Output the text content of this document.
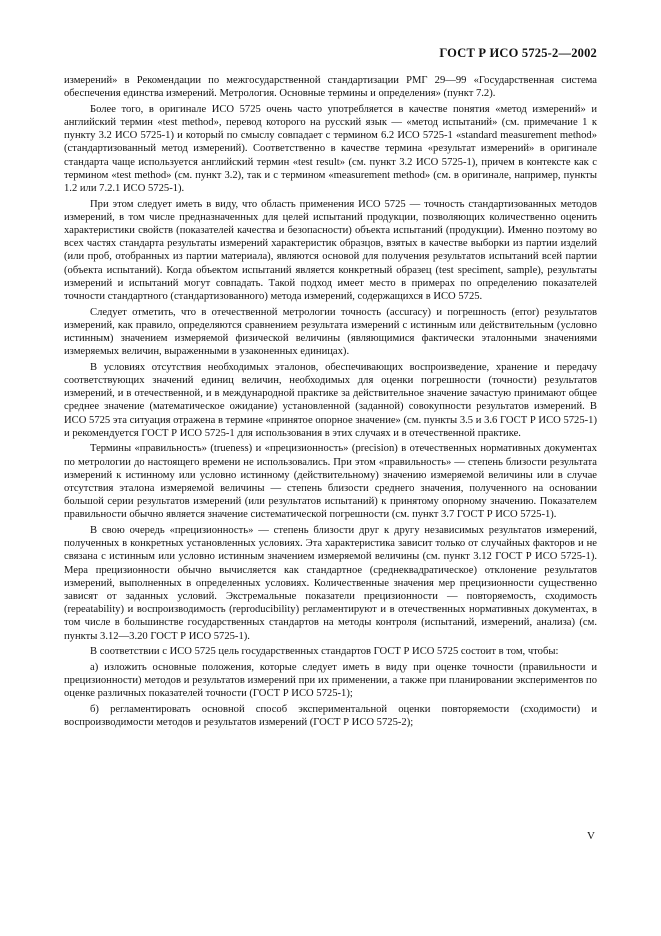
ГОСТ Р ИСО 5725-2—2002

измерений» в Рекомендации по межгосударственной стандартизации РМГ 29—99 «Государственная система обеспечения единства измерений. Метрология. Основные термины и определения» (пункт 7.2).

Более того, в оригинале ИСО 5725 очень часто употребляется в качестве понятия «метод измерений» и английский термин «test method», перевод которого на русский язык — «метод испытаний» (см. примечание 1 к пункту 3.2 ИСО 5725-1) и который по смыслу совпадает с термином 6.2 ИСО 5725-1 «standard measurement method» (стандартизованный метод измерений). Соответственно в качестве термина «результат измерений» в оригинале стандарта чаще используется английский термин «test result» (см. пункт 3.2 ИСО 5725-1), причем в контексте как с термином «test method» (см. пункт 3.2), так и с термином «measurement method» (см. в оригинале, например, пункты 1.2 или 7.2.1 ИСО 5725-1).

При этом следует иметь в виду, что область применения ИСО 5725 — точность стандартизованных методов измерений, в том числе предназначенных для целей испытаний продукции, позволяющих количественно оценить характеристики свойств (показателей качества и безопасности) объекта испытаний (продукции). Именно поэтому во всех частях стандарта результаты измерений характеристик образцов, взятых в качестве выборки из партии изделий (или проб, отобранных из партии материала), являются основой для получения результатов испытаний всей партии (объекта испытаний). Когда объектом испытаний является конкретный образец (test speciment, sample), результаты измерений и испытаний могут совпадать. Такой подход имеет место в примерах по определению показателей точности стандартного (стандартизованного) метода измерений, содержащихся в ИСО 5725.

Следует отметить, что в отечественной метрологии точность (accuracy) и погрешность (error) результатов измерений, как правило, определяются сравнением результата измерений с истинным или действительным (условно истинным) значением измеряемой физической величины (являющимися фактически эталонными значениями измеряемых величин, выраженными в узаконенных единицах).

В условиях отсутствия необходимых эталонов, обеспечивающих воспроизведение, хранение и передачу соответствующих значений единиц величин, необходимых для оценки погрешности (точности) результатов измерений, и в отечественной, и в международной практике за действительное значение зачастую принимают общее среднее значение (математическое ожидание) установленной (заданной) совокупности результатов измерений. В ИСО 5725 эта ситуация отражена в термине «принятое опорное значение» (см. пункты 3.5 и 3.6 ГОСТ Р ИСО 5725-1) и рекомендуется ГОСТ Р ИСО 5725-1 для использования в этих случаях и в отечественной практике.

Термины «правильность» (trueness) и «прецизионность» (precision) в отечественных нормативных документах по метрологии до настоящего времени не использовались. При этом «правильность» — степень близости результата измерений к истинному или условно истинному (действительному) значению измеряемой величины или в случае отсутствия эталона измеряемой величины — степень близости среднего значения, полученного на основании большой серии результатов измерений (или результатов испытаний) к принятому опорному значению. Показателем правильности обычно является значение систематической погрешности (см. пункт 3.7 ГОСТ Р ИСО 5725-1).

В свою очередь «прецизионность» — степень близости друг к другу независимых результатов измерений, полученных в конкретных установленных условиях. Эта характеристика зависит только от случайных факторов и не связана с истинным или условно истинным значением измеряемой величины (см. пункт 3.12 ГОСТ Р ИСО 5725-1). Мера прецизионности обычно вычисляется как стандартное (среднеквадратическое) отклонение результатов измерений, выполненных в определенных условиях. Количественные значения мер прецизионности существенно зависят от заданных условий. Экстремальные показатели прецизионности — повторяемость, сходимость (repeatability) и воспроизводимость (reproducibility) регламентируют и в отечественных нормативных документах, в том числе в большинстве государственных стандартов на методы контроля (испытаний, измерений, анализа) (см. пункты 3.12—3.20 ГОСТ Р ИСО 5725-1).

В соответствии с ИСО 5725 цель государственных стандартов ГОСТ Р ИСО 5725 состоит в том, чтобы:

а) изложить основные положения, которые следует иметь в виду при оценке точности (правильности и прецизионности) методов и результатов измерений при их применении, а также при планировании экспериментов по оценке различных показателей точности (ГОСТ Р ИСО 5725-1);

б) регламентировать основной способ экспериментальной оценки повторяемости (сходимости) и воспроизводимости методов и результатов измерений (ГОСТ Р ИСО 5725-2);

V
